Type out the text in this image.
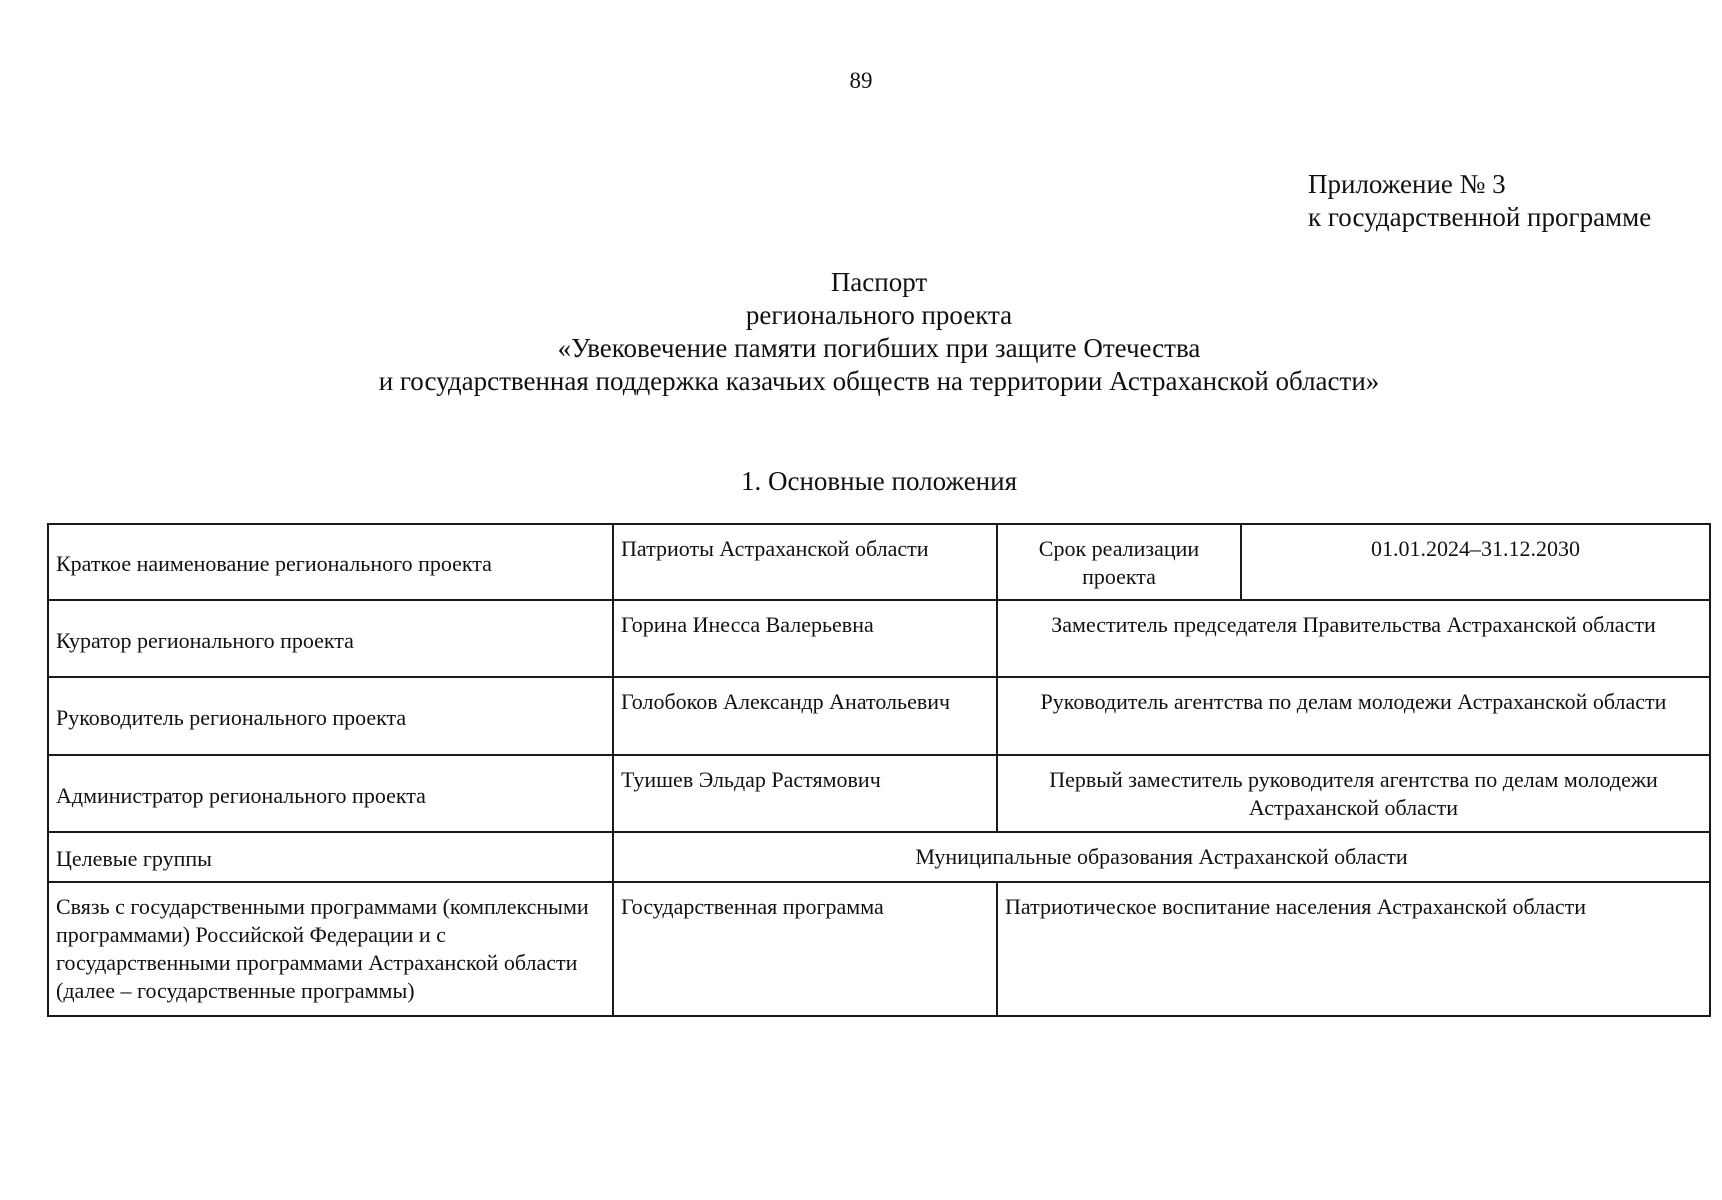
89
Приложение № 3
к государственной программе
Паспорт
регионального проекта
«Увековечение памяти погибших при защите Отечества
и государственная поддержка казачьих обществ на территории Астраханской области»
1. Основные положения
Краткое наименование регионального проекта	Патриоты Астраханской области	Срок реализации проекта	01.01.2024–31.12.2030
Куратор регионального проекта	Горина Инесса Валерьевна	Заместитель председателя Правительства Астраханской области	
Руководитель регионального проекта	Голобоков Александр Анатольевич	Руководитель агентства по делам молодежи Астраханской области	
Администратор регионального проекта	Туишев Эльдар Растямович	Первый заместитель руководителя агентства по делам молодежи Астраханской области	
Целевые группы	Муниципальные образования Астраханской области		
Связь с государственными программами (комплексными программами) Российской Федерации и с государственными программами Астраханской области (далее – государственные программы)	Государственная программа	Патриотическое воспитание населения Астраханской области	
